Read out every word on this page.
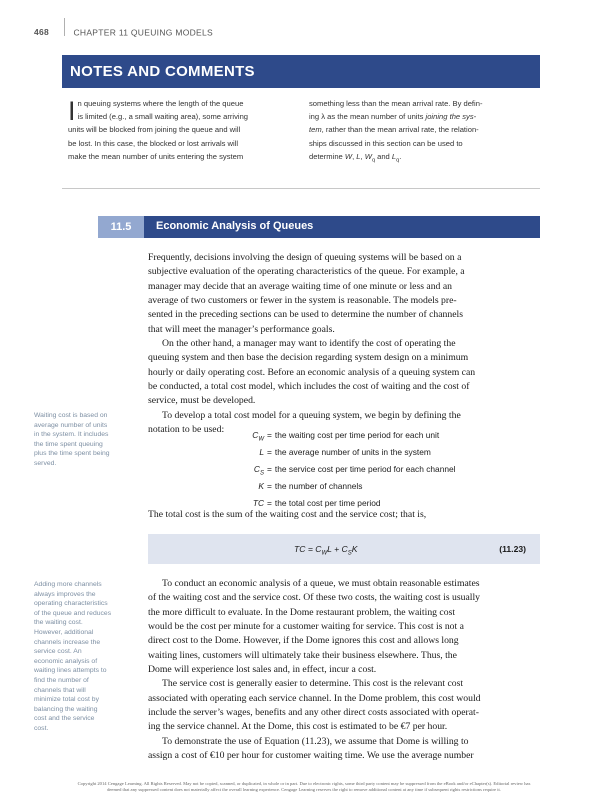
468	CHAPTER 11 QUEUING MODELS
NOTES AND COMMENTS
I n queuing systems where the length of the queue
is limited (e.g., a small waiting area), some arriving
units will be blocked from joining the queue and will
be lost. In this case, the blocked or lost arrivals will
make the mean number of units entering the system
something less than the mean arrival rate. By defin-
ing λ as the mean number of units joining the sys-
tem, rather than the mean arrival rate, the relation-
ships discussed in this section can be used to
determine W, L, $W_q$ and $L_q$.
11.5	Economic Analysis of Queues
Frequently, decisions involving the design of queuing systems will be based on a
subjective evaluation of the operating characteristics of the queue. For example, a
manager may decide that an average waiting time of one minute or less and an
average of two customers or fewer in the system is reasonable. The models pre-
sented in the preceding sections can be used to determine the number of channels
that will meet the manager’s performance goals.
On the other hand, a manager may want to identify the cost of operating the
queuing system and then base the decision regarding system design on a minimum
hourly or daily operating cost. Before an economic analysis of a queuing system can
be conducted, a total cost model, which includes the cost of waiting and the cost of
service, must be developed.
To develop a total cost model for a queuing system, we begin by defining the
notation to be used:
Waiting cost is based on
average number of units
in the system. It includes
the time spent queuing
plus the time spent being
served.
$C_W$ = the waiting cost per time period for each unit
L = the average number of units in the system
$C_S$ = the service cost per time period for each channel
K = the number of channels
TC = the total cost per time period
The total cost is the sum of the waiting cost and the service cost; that is,
TC = $C_WL + C_SK$	(11.23)
To conduct an economic analysis of a queue, we must obtain reasonable estimates
of the waiting cost and the service cost. Of these two costs, the waiting cost is usually
the more difficult to evaluate. In the Dome restaurant problem, the waiting cost
would be the cost per minute for a customer waiting for service. This cost is not a
direct cost to the Dome. However, if the Dome ignores this cost and allows long
waiting lines, customers will ultimately take their business elsewhere. Thus, the
Dome will experience lost sales and, in effect, incur a cost.
The service cost is generally easier to determine. This cost is the relevant cost
associated with operating each service channel. In the Dome problem, this cost would
include the server’s wages, benefits and any other direct costs associated with operat-
ing the service channel. At the Dome, this cost is estimated to be €7 per hour.
To demonstrate the use of Equation (11.23), we assume that Dome is willing to
assign a cost of €10 per hour for customer waiting time. We use the average number
Adding more channels
always improves the
operating characteristics
of the queue and reduces
the waiting cost.
However, additional
channels increase the
service cost. An
economic analysis of
waiting lines attempts to
find the number of
channels that will
minimize total cost by
balancing the waiting
cost and the service
cost.
Copyright 2014 Cengage Learning. All Rights Reserved. May not be copied, scanned, or duplicated, in whole or in part. Due to electronic rights, some third party content may be suppressed from the eBook and/or eChapter(s). Editorial review has
deemed that any suppressed content does not materially affect the overall learning experience. Cengage Learning reserves the right to remove additional content at any time if subsequent rights restrictions require it.
